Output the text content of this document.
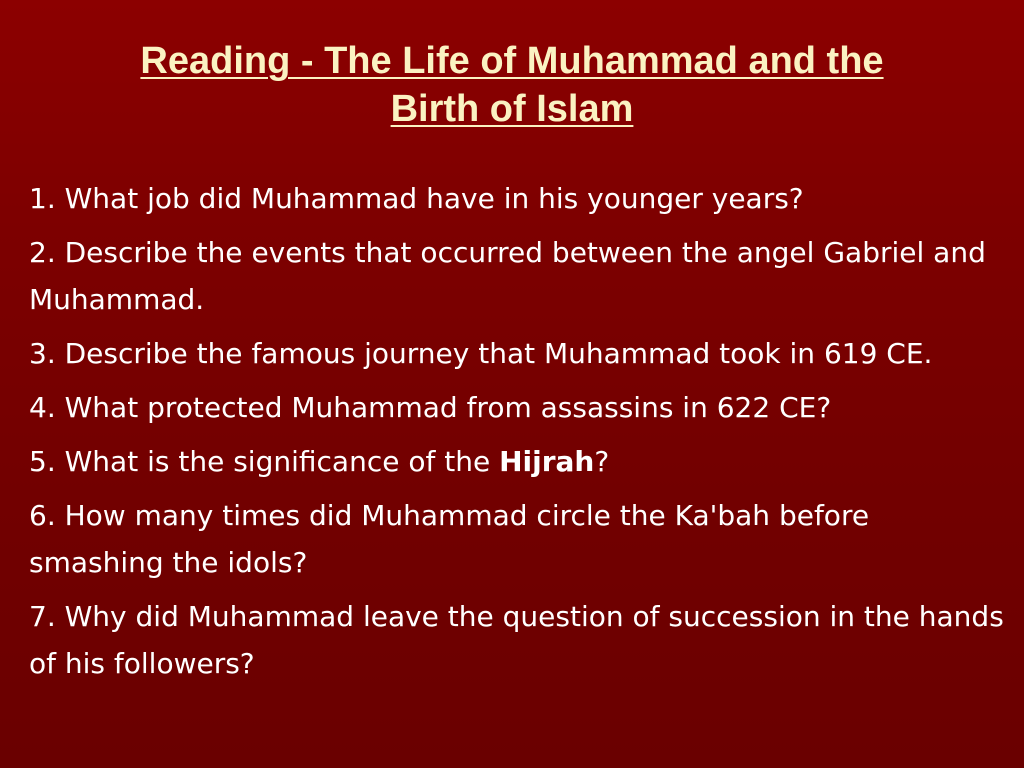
Reading - The Life of Muhammad and the
Birth of Islam
1. What job did Muhammad have in his younger years?
2. Describe the events that occurred between the angel Gabriel and Muhammad.
3. Describe the famous journey that Muhammad took in 619 CE.
4. What protected Muhammad from assassins in 622 CE?
5. What is the significance of the Hijrah?
6. How many times did Muhammad circle the Ka'bah before smashing the idols?
7. Why did Muhammad leave the question of succession in the hands of his followers?
